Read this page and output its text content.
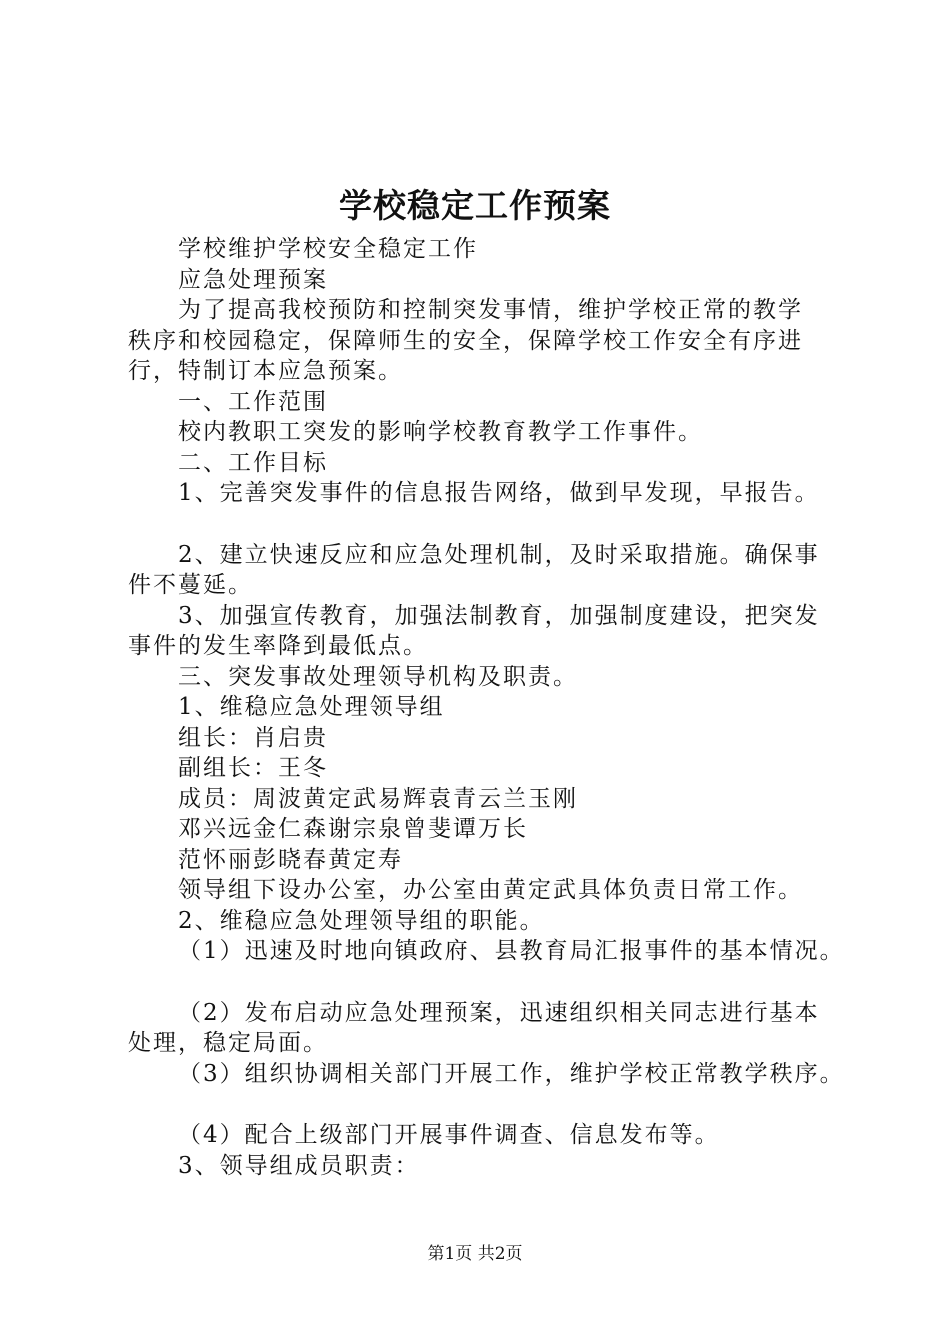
学校稳定工作预案

学校维护学校安全稳定工作

应急处理预案

为了提高我校预防和控制突发事情，维护学校正常的教学

秩序和校园稳定，保障师生的安全，保障学校工作安全有序进

行，特制订本应急预案。

一、工作范围

校内教职工突发的影响学校教育教学工作事件。

二、工作目标

1、完善突发事件的信息报告网络，做到早发现，早报告。

2、建立快速反应和应急处理机制，及时采取措施。确保事

件不蔓延。

3、加强宣传教育，加强法制教育，加强制度建设，把突发

事件的发生率降到最低点。

三、突发事故处理领导机构及职责。

1、维稳应急处理领导组

组长：肖启贵

副组长：王冬

成员：周波黄定武易辉袁青云兰玉刚

邓兴远金仁森谢宗泉曾斐谭万长

范怀丽彭晓春黄定寿

领导组下设办公室，办公室由黄定武具体负责日常工作。

2、维稳应急处理领导组的职能。

（1）迅速及时地向镇政府、县教育局汇报事件的基本情况。

（2）发布启动应急处理预案，迅速组织相关同志进行基本

处理，稳定局面。

（3）组织协调相关部门开展工作，维护学校正常教学秩序。

（4）配合上级部门开展事件调查、信息发布等。

3、领导组成员职责：

第1页 共2页
